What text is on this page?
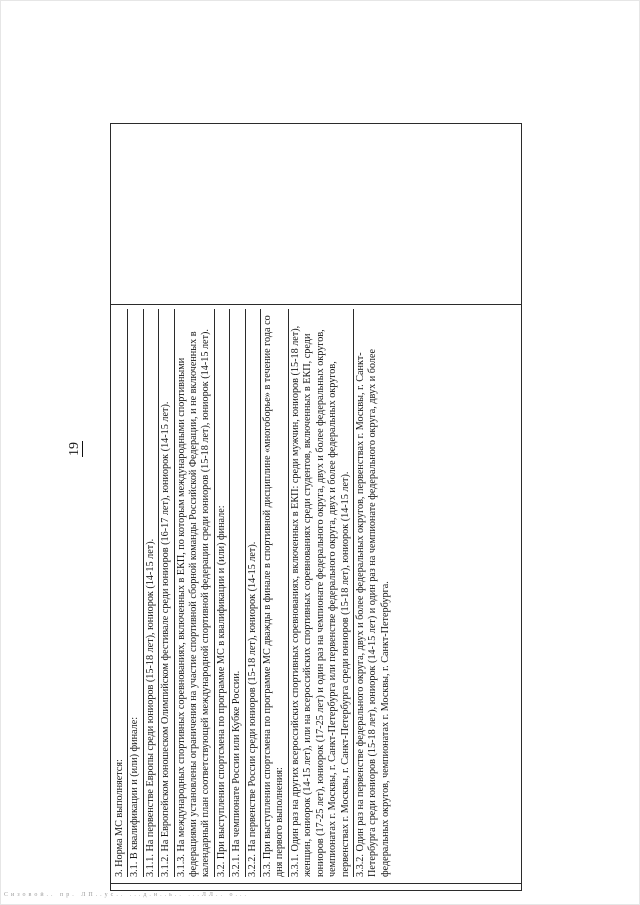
19

3. Норма МС выполняется: 3.1. В квалификации и (или) финале: 3.1.1. На первенстве Европы среди юниоров (15-18 лет), юниорок (14-15 лет). 3.1.2. На Европейском юношеском Олимпийском фестивале среди юниоров (16-17 лет), юниорок (14-15 лет). 3.1.3. На международных спортивных соревнованиях, включенных в ЕКП, по которым международными спортивными федерациями установлены ограничения на участие спортивной сборной команды Российской Федерации, и не включенных в календарный план соответствующей международной спортивной федерации среди юниоров (15-18 лет), юниорок (14-15 лет). 3.2. При выступлении спортсмена по программе МС в квалификации и (или) финале: 3.2.1. На чемпионате России или Кубке России. 3.2.2. На первенстве России среди юниоров (15-18 лет), юниорок (14-15 лет). 3.3. При выступлении спортсмена по программе МС дважды в финале в спортивной дисциплине «многоборье» в течение года со дня первого выполнения: 3.3.1. Один раз на других всероссийских спортивных соревнованиях, включенных в ЕКП: среди мужчин, юниоров (15-18 лет), женщин, юниорок (14-15 лет), или на всероссийских спортивных соревнованиях среди студентов, включенных в ЕКП, среди юниоров (17-25 лет), юниорок (17-25 лет) и один раз на чемпионате федерального округа, двух и более федеральных округов, чемпионатах г. Москвы, г. Санкт-Петербурга или первенстве федерального округа, двух и более федеральных округов, первенствах г. Москвы, г. Санкт-Петербурга среди юниоров (15-18 лет), юниорок (14-15 лет). 3.3.2. Один раз на первенстве федерального округа, двух и более федеральных округов, первенствах г. Москвы, г. Санкт-Петербурга среди юниоров (15-18 лет), юниорок (14-15 лет) и один раз на чемпионате федерального округа, двух и более федеральных округов, чемпионатах г. Москвы, г. Санкт-Петербурга.

Сизовой.. пр. ЛП..ус.. ...д.н..ь.. ...ЛЛ.. о...
